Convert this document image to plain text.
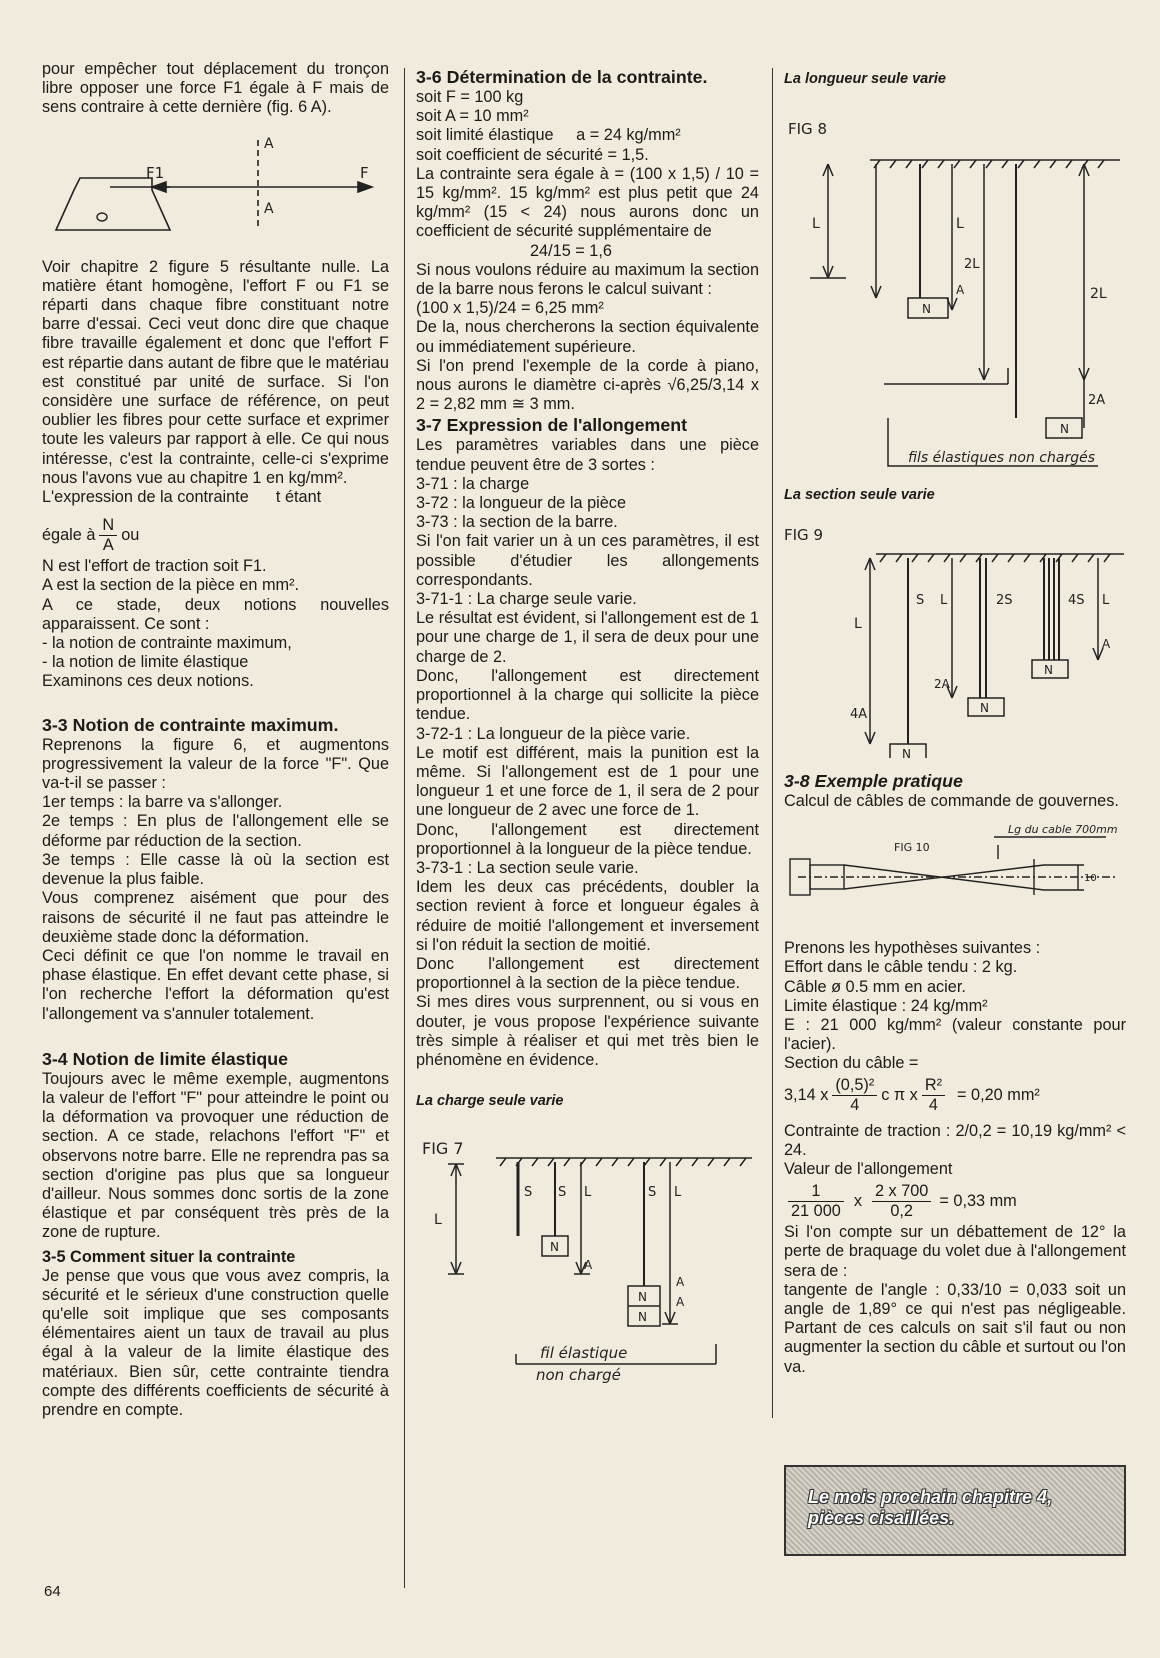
pour empêcher tout déplacement du tronçon libre opposer une force F1 égale à F mais de sens contraire à cette dernière (fig. 6 A).

F1	F
A
A

Voir chapitre 2 figure 5 résultante nulle. La matière étant homogène, l'effort F ou F1 se réparti dans chaque fibre constituant notre barre d'essai. Ceci veut donc dire que chaque fibre travaille également et donc que l'effort F est répartie dans autant de fibre que le matériau est constitué par unité de surface. Si l'on considère une surface de référence, on peut oublier les fibres pour cette surface et exprimer toute les valeurs par rapport à elle. Ce qui nous intéresse, c'est la contrainte, celle-ci s'exprime nous l'avons vue au chapitre 1 en kg/mm².

L'expression de la contrainte      t étant

égale à $\frac{N}{A}$ ou

N est l'effort de traction soit F1.

A est la section de la pièce en mm².

A ce stade, deux notions nouvelles apparaissent. Ce sont :

- la notion de contrainte maximum,

- la notion de limite élastique

Examinons ces deux notions.

3-3 Notion de contrainte maximum.

Reprenons la figure 6, et augmentons progressivement la valeur de la force "F". Que va-t-il se passer :

1er temps : la barre va s'allonger.

2e temps : En plus de l'allongement elle se déforme par réduction de la section.

3e temps : Elle casse là où la section est devenue la plus faible.

Vous comprenez aisément que pour des raisons de sécurité il ne faut pas atteindre le deuxième stade donc la déformation.

Ceci définit ce que l'on nomme le travail en phase élastique. En effet devant cette phase, si l'on recherche l'effort la déformation qu'est l'allongement va s'annuler totalement.

3-4 Notion de limite élastique

Toujours avec le même exemple, augmentons la valeur de l'effort "F" pour atteindre le point ou la déformation va provoquer une réduction de section. A ce stade, relachons l'effort "F" et observons notre barre. Elle ne reprendra pas sa section d'origine pas plus que sa longueur d'ailleur. Nous sommes donc sortis de la zone élastique et par conséquent très près de la zone de rupture.

3-5 Comment situer la contrainte

Je pense que vous que vous avez compris, la sécurité et le sérieux d'une construction quelle qu'elle soit implique que ses composants élémentaires aient un taux de travail au plus égal à la valeur de la limite élastique des matériaux. Bien sûr, cette contrainte tiendra compte des différents coefficients de sécurité à prendre en compte.

64
3-6 Détermination de la contrainte.

soit F = 100 kg

soit A = 10 mm²

soit limité élastique     a = 24 kg/mm²

soit coefficient de sécurité = 1,5.

La contrainte sera égale à = (100 x 1,5) / 10 = 15 kg/mm². 15 kg/mm² est plus petit que 24 kg/mm² (15 < 24) nous aurons donc un coefficient de sécurité supplémentaire de

24/15 = 1,6

Si nous voulons réduire au maximum la section de la barre nous ferons le calcul suivant :

(100 x 1,5)/24 = 6,25 mm²

De la, nous chercherons la section équivalente ou immédiatement supérieure.

Si l'on prend l'exemple de la corde à piano, nous aurons le diamètre ci-après √6,25/3,14 x 2 = 2,82 mm ≅ 3 mm.

3-7 Expression de l'allongement

Les paramètres variables dans une pièce tendue peuvent être de 3 sortes :

3-71 : la charge

3-72 : la longueur de la pièce

3-73 : la section de la barre.

Si l'on fait varier un à un ces paramètres, il est possible d'étudier les allongements correspondants.

3-71-1 : La charge seule varie.

Le résultat est évident, si l'allongement est de 1 pour une charge de 1, il sera de deux pour une charge de 2.

Donc, l'allongement est directement proportionnel à la charge qui sollicite la pièce tendue.

3-72-1 : La longueur de la pièce varie.

Le motif est différent, mais la punition est la même. Si l'allongement est de 1 pour une longueur 1 et une force de 1, il sera de 2 pour une longueur de 2 avec une force de 1.

Donc, l'allongement est directement proportionnel à la longueur de la pièce tendue.

3-73-1 : La section seule varie.

Idem les deux cas précédents, doubler la section revient à force et longueur égales à réduire de moitié l'allongement et inversement si l'on réduit la section de moitié.

Donc l'allongement est directement proportionnel à la section de la pièce tendue.

Si mes dires vous surprennent, ou si vous en douter, je vous propose l'expérience suivante très simple à réaliser et qui met très bien le phénomène en évidence.

La charge seule varie
FIG 7
L
S S L
A
S L
A
A
N
N
N
fil élastique
non chargé
La longueur seule varie
FIG 8
L	L
2L
2L
A
2A
N
N
fils élastiques non chargés
La section seule varie
FIG 9
L
S L	2S	4S L
4A
2A
A
N
N
N
3-8 Exemple pratique

Calcul de câbles de commande de gouvernes.

FIG 10
Lg du cable 700mm
10

Prenons les hypothèses suivantes :

Effort dans le câble tendu : 2 kg.

Câble ø 0.5 mm en acier.

Limite élastique : 24 kg/mm²

E : 21 000 kg/mm² (valeur constante pour l'acier).

Section du câble =

3,14 x $\frac{\text{(0,5)²}}{4}$ c π x $\frac{\text{R²}}{4} = 0,20$ mm²

Contrainte de traction : 2/0,2 = 10,19 kg/mm² < 24.

Valeur de l'allongement

$\frac{1}{21 000}$ x $\frac{2 x 700}{0,2} = 0,33$ mm

Si l'on compte sur un débattement de 12° la perte de braquage du volet due à l'allongement sera de :

tangente de l'angle : 0,33/10 = 0,033 soit un angle de 1,89° ce qui n'est pas négligeable. Partant de ces calculs on sait s'il faut ou non augmenter la section du câble et surtout ou l'on va.

Le mois prochain chapitre 4, pièces cisaillées.
